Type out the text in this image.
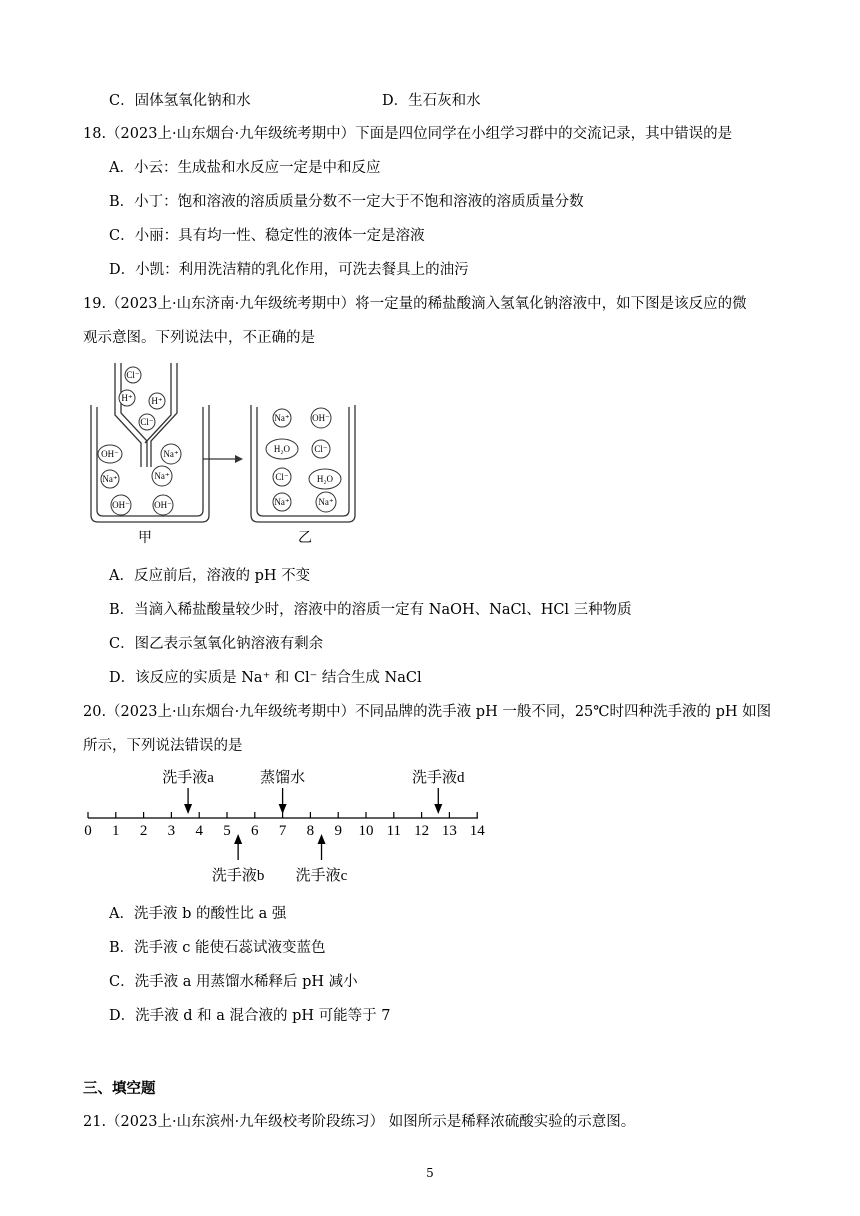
C．固体氢氧化钠和水	D．生石灰和水
18.（2023上·山东烟台·九年级统考期中）下面是四位同学在小组学习群中的交流记录，其中错误的是
A．小云：生成盐和水反应一定是中和反应
B．小丁：饱和溶液的溶质质量分数不一定大于不饱和溶液的溶质质量分数
C．小丽：具有均一性、稳定性的液体一定是溶液
D．小凯：利用洗洁精的乳化作用，可洗去餐具上的油污
19.（2023上·山东济南·九年级统考期中）将一定量的稀盐酸滴入氢氧化钠溶液中，如下图是该反应的微
观示意图。下列说法中，不正确的是
Cl⁻
H⁺ H⁺
Cl⁻
OH⁻	Na⁺
Na⁺	Na⁺
OH⁻	OH⁻
甲
Na⁺	OH⁻
H₂O	Cl⁻
Cl⁻	H₂O
Na⁺	Na⁺
乙
A．反应前后，溶液的 pH 不变
B．当滴入稀盐酸量较少时，溶液中的溶质一定有 NaOH、NaCl、HCl 三种物质
C．图乙表示氢氧化钠溶液有剩余
D．该反应的实质是 Na⁺ 和 Cl⁻ 结合生成 NaCl
20.（2023上·山东烟台·九年级统考期中）不同品牌的洗手液 pH 一般不同，25℃时四种洗手液的 pH 如图
所示，下列说法错误的是
0 1 2 3 4 5 6 7 8 9 10 11 12 13 14
洗手液a	蒸馏水	洗手液d
洗手液b 洗手液c
A．洗手液 b 的酸性比 a 强
B．洗手液 c 能使石蕊试液变蓝色
C．洗手液 a 用蒸馏水稀释后 pH 减小
D．洗手液 d 和 a 混合液的 pH 可能等于 7
三、填空题
21.（2023上·山东滨州·九年级校考阶段练习） 如图所示是稀释浓硫酸实验的示意图。
5
